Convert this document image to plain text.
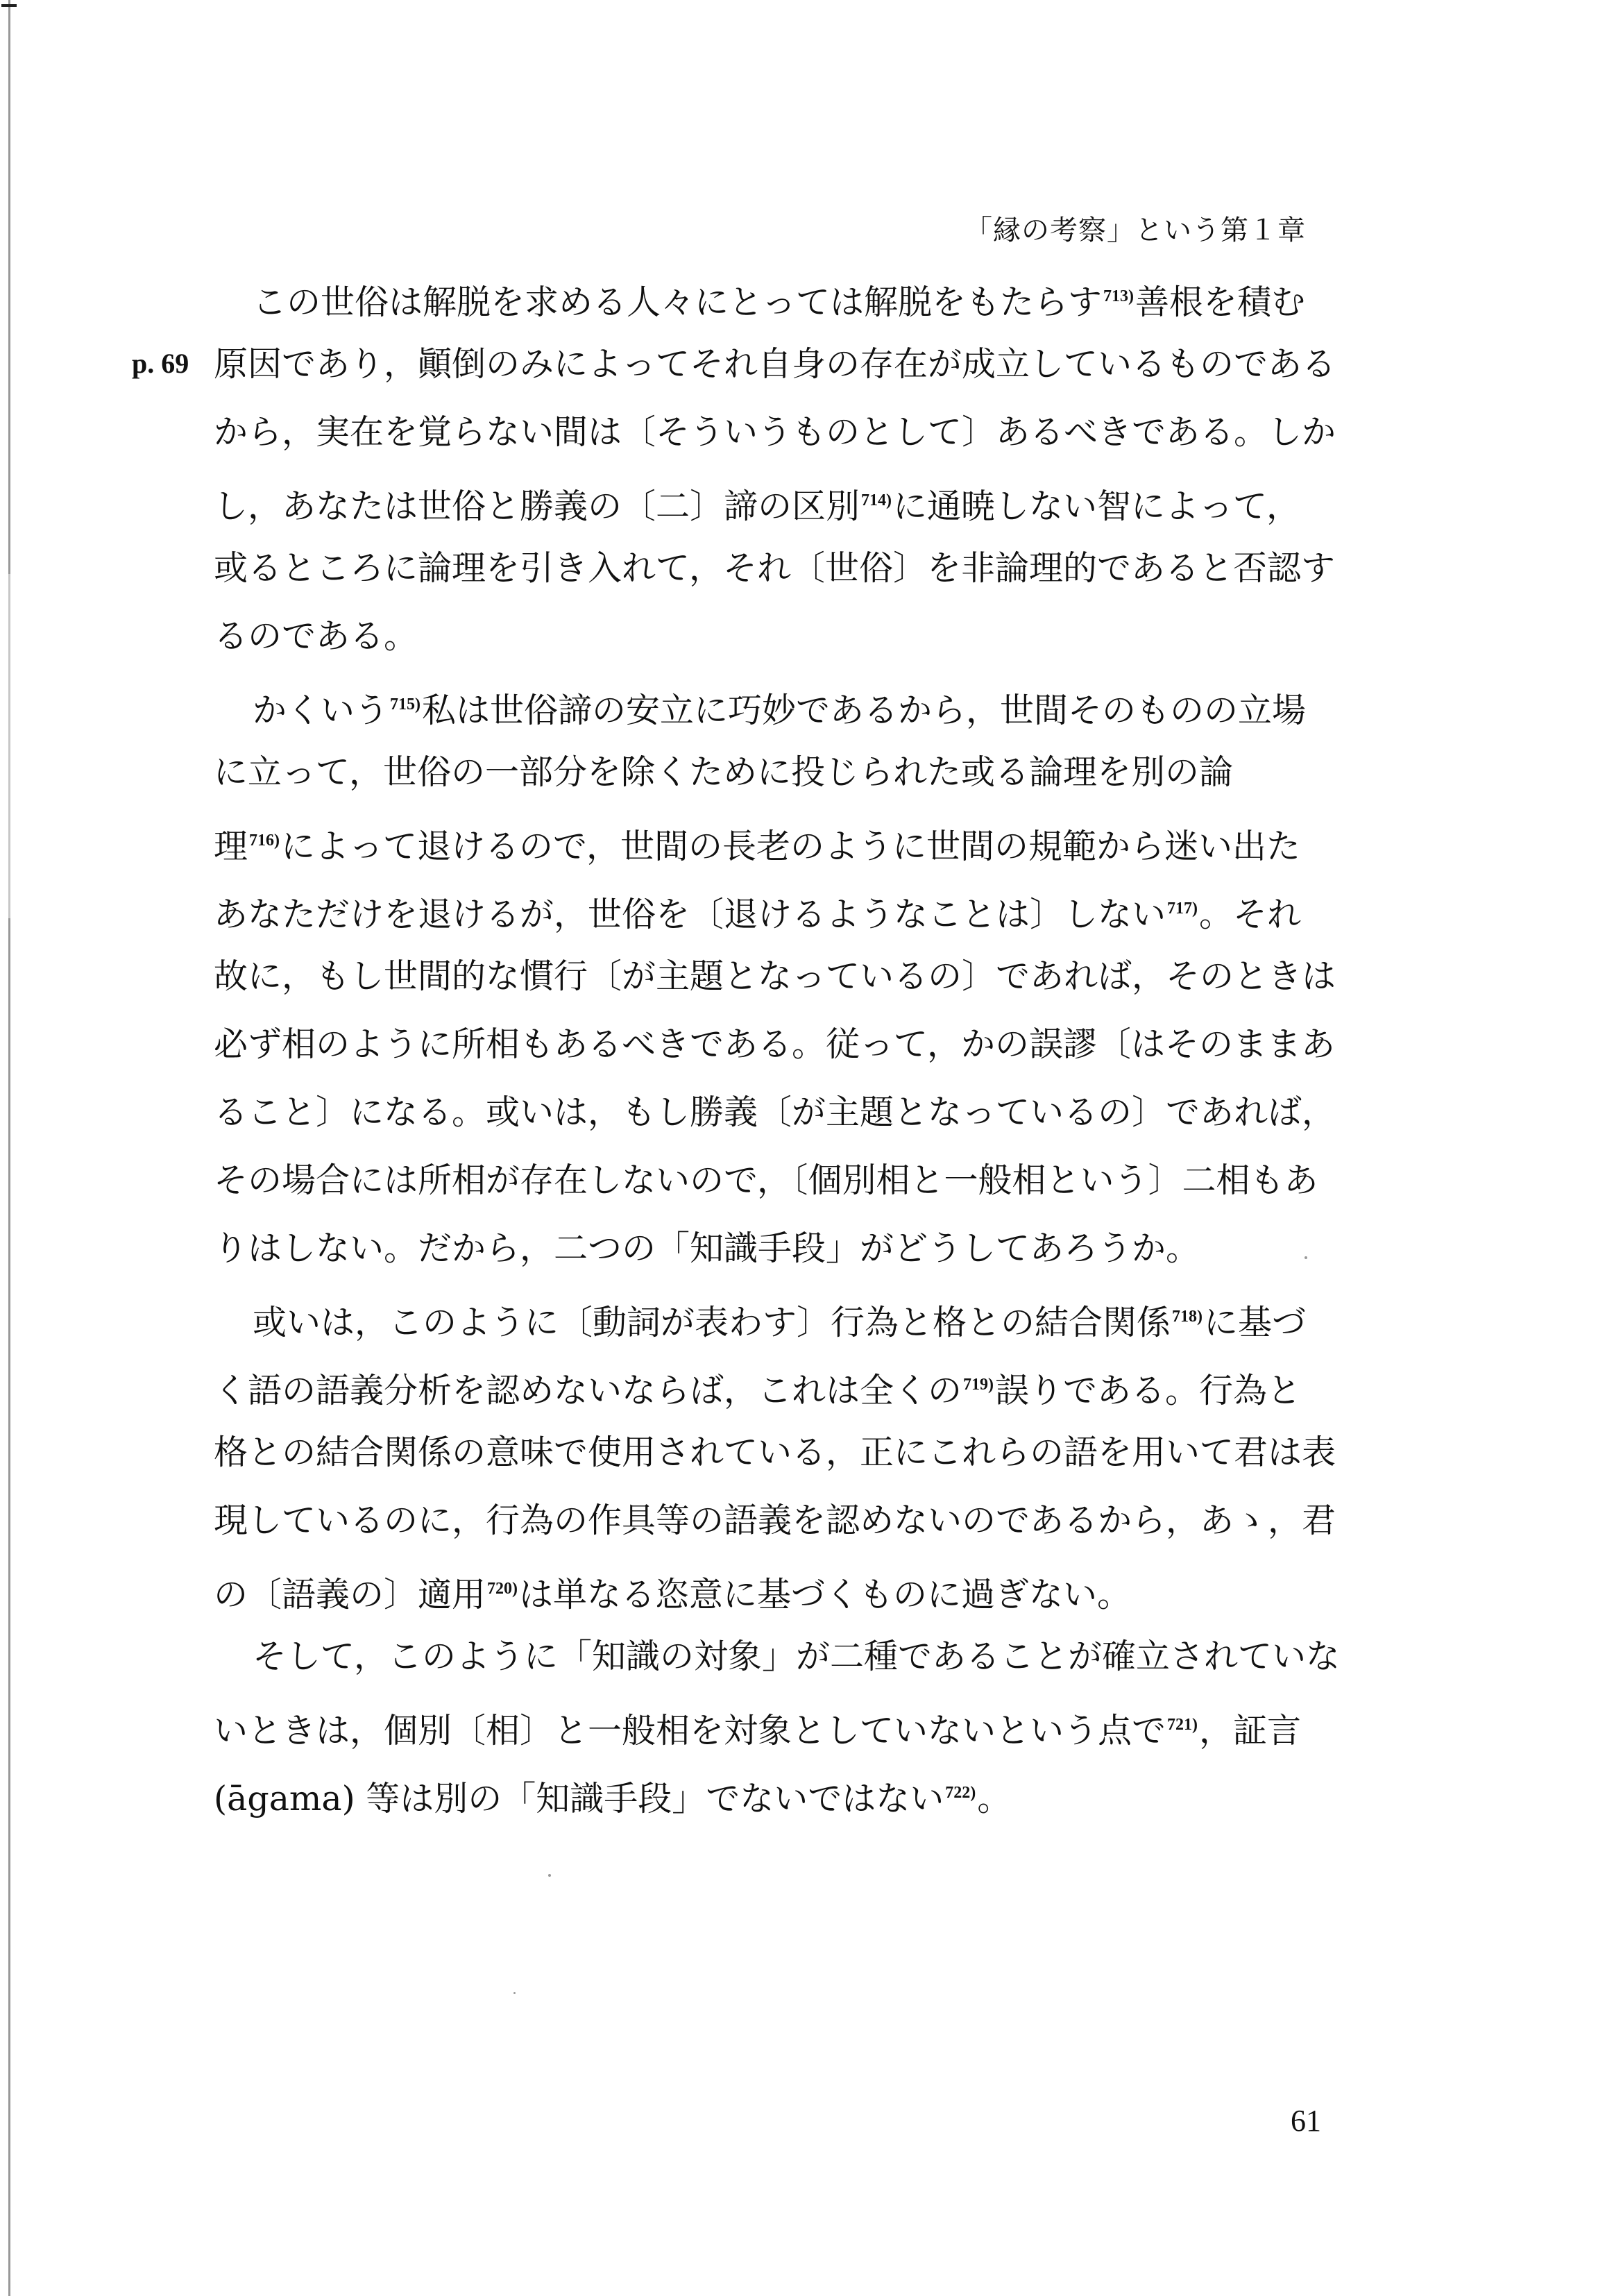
「縁の考察」という第１章
p. 69
この世俗は解脱を求める人々にとっては解脱をもたらす$^{713)}$善根を積む
原因であり，顚倒のみによってそれ自身の存在が成立しているものである
から，実在を覚らない間は〔そういうものとして〕あるべきである。しか
し，あなたは世俗と勝義の〔二〕諦の区別$^{714)}$に通暁しない智によって，
或るところに論理を引き入れて，それ〔世俗〕を非論理的であると否認す
るのである。
かくいう$^{715)}$私は世俗諦の安立に巧妙であるから，世間そのものの立場
に立って，世俗の一部分を除くために投じられた或る論理を別の論
理$^{716)}$によって退けるので，世間の長老のように世間の規範から迷い出た
あなただけを退けるが，世俗を〔退けるようなことは〕しない$^{717)}$。それ
故に，もし世間的な慣行〔が主題となっているの〕であれば，そのときは
必ず相のように所相もあるべきである。従って，かの誤謬〔はそのままあ
ること〕になる。或いは，もし勝義〔が主題となっているの〕であれば，
その場合には所相が存在しないので，〔個別相と一般相という〕二相もあ
りはしない。だから，二つの「知識手段」がどうしてあろうか。
或いは，このように〔動詞が表わす〕行為と格との結合関係$^{718)}$に基づ
く語の語義分析を認めないならば，これは全くの$^{719)}$誤りである。行為と
格との結合関係の意味で使用されている，正にこれらの語を用いて君は表
現しているのに，行為の作具等の語義を認めないのであるから，あゝ，君
の〔語義の〕適用$^{720)}$は単なる恣意に基づくものに過ぎない。
そして，このように「知識の対象」が二種であることが確立されていな
いときは，個別〔相〕と一般相を対象としていないという点で$^{721)}$，証言
(āgama) 等は別の「知識手段」でないではない$^{722)}$。
61
